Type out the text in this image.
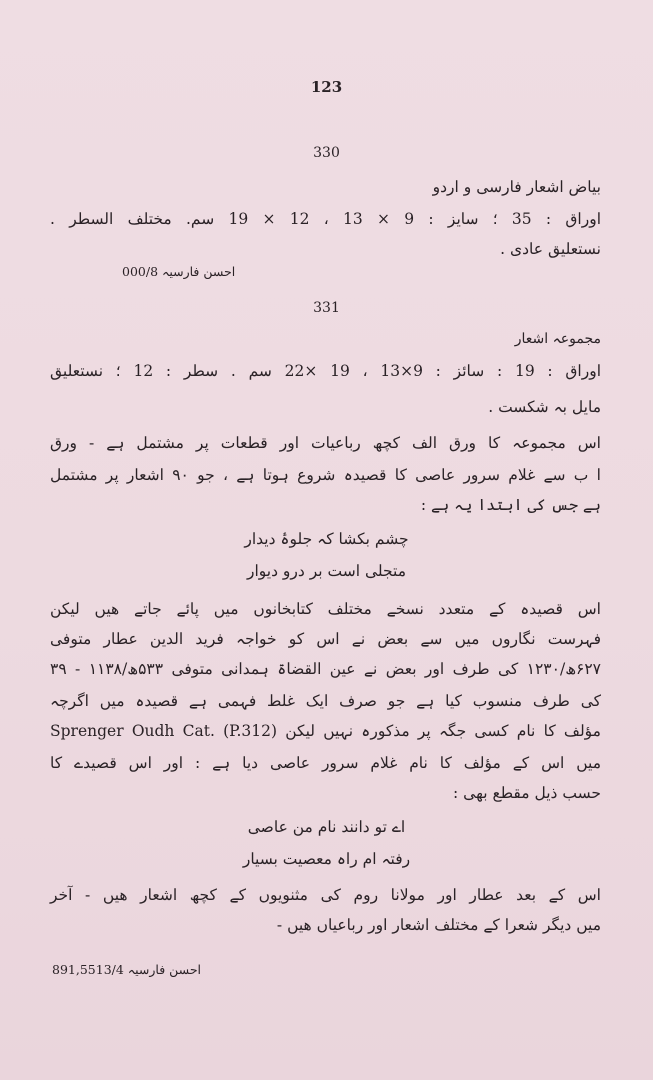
123
330
بیاض اشعار فارسی و اردو
اوراق : 35 ؛ سایز : 9 × 13 ، 12 × 19 سم. مختلف السطر .
نستعلیق عادی .
احسن فارسیہ 000/8
331
مجموعہ اشعار
اوراق : 19 : سائز : 9×13 ، 19 ×22 سم . سطر : 12 ؛ نستعلیق
مایل بہ شکست .
اس مجموعہ کا ورق الف کچھ رباعیات اور قطعات پر مشتمل ہے - ورق
ا ب سے غلام سرور عاصی کا قصیدہ شروع ہوتا ہے ، جو ۹۰ اشعار پر مشتمل
ہے جس کی ابتدا یہ ہے :
چشم بکشا کہ جلوۂ دیدار
متجلی است بر درو دیوار
اس قصیدہ کے متعدد نسخے مختلف کتابخانوں میں پائے جاتے ھیں لیکن
فہرست نگاروں میں سے بعض نے اس کو خواجہ فرید الدین عطار متوفی
۶۲۷ھ/۱۲۳۰ کی طرف اور بعض نے عین القضاۃ ہمدانی متوفی ۵۳۳ھ/۱۱۳۸ - ۳۹
کی طرف منسوب کیا ہے جو صرف ایک غلط فہمی ہے قصیدہ میں اگرچہ
مؤلف کا نام کسی جگہ پر مذکورہ نہیں لیکن Sprenger Oudh Cat. (P.312)
میں اس کے مؤلف کا نام غلام سرور عاصی دیا ہے : اور اس قصیدے کا
حسب ذیل مقطع بھی :
اے تو دانند نام من عاصی
رفتہ ام راہ معصیت بسیار
اس کے بعد عطار اور مولانا روم کی مثنویوں کے کچھ اشعار ھیں - آخر
میں دیگر شعرا کے مختلف اشعار اور رباعیاں ھیں -
احسن فارسیہ 891,5513/4
